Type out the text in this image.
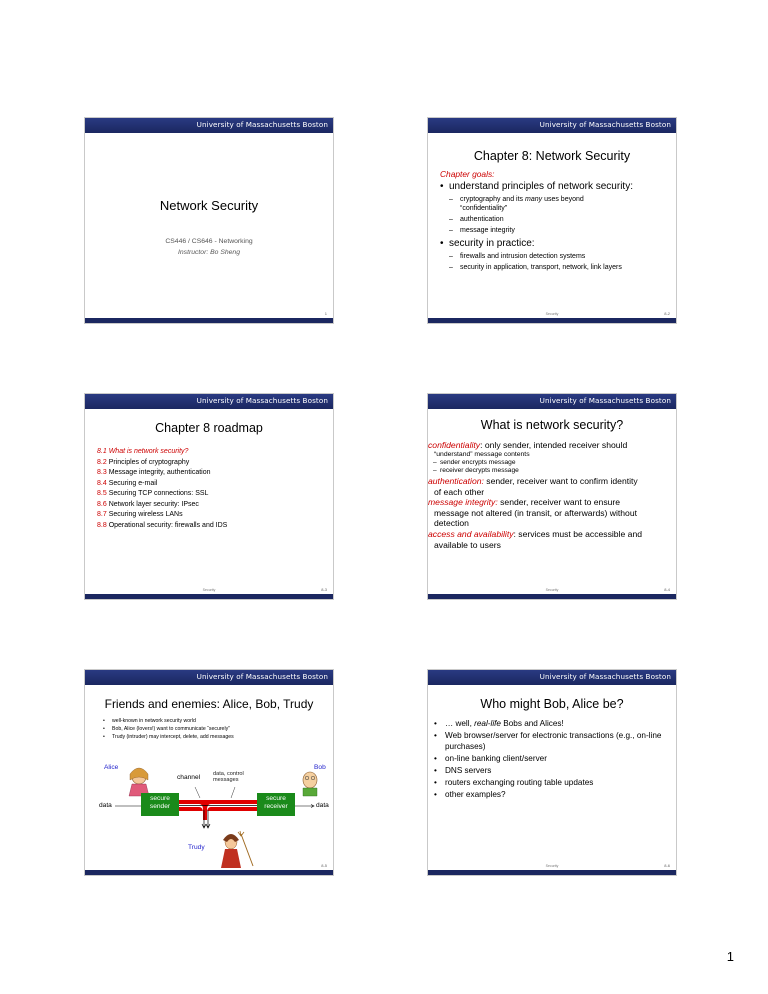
University of Massachusetts Boston
Network Security
CS446 / CS646 - Networking
Instructor: Bo Sheng
1
University of Massachusetts Boston
Chapter 8: Network Security
Chapter goals:
• understand principles of network security:
– cryptography and its many uses beyond
“confidentiality”
– authentication
– message integrity
• security in practice:
– firewalls and intrusion detection systems
– security in application, transport, network, link layers
Security	8-2
University of Massachusetts Boston
Chapter 8 roadmap
8.1 What is network security?
8.2 Principles of cryptography
8.3 Message integrity, authentication
8.4 Securing e-mail
8.5 Securing TCP connections: SSL
8.6 Network layer security: IPsec
8.7 Securing wireless LANs
8.8 Operational security: firewalls and IDS
Security	8-3
University of Massachusetts Boston
What is network security?

confidentiality: only sender, intended receiver should

“understand” message contents

– sender encrypts message

– receiver decrypts message

authentication: sender, receiver want to confirm identity

of each other

message integrity: sender, receiver want to ensure

message not altered (in transit, or afterwards) without

detection

access and availability: services must be accessible and

available to users

Security	8-4
University of Massachusetts Boston
Friends and enemies: Alice, Bob, Trudy

• well-known in network security world

• Bob, Alice (lovers!) want to communicate “securely”

• Trudy (intruder) may intercept, delete, add messages

Alice	Bob
channel data, control
messages
data	data
secure
sender
secure
receiver
Trudy
8-5
University of Massachusetts Boston
Who might Bob, Alice be?
• … well, real-life Bobs and Alices!
• Web browser/server for electronic transactions (e.g., on-line purchases)
• on-line banking client/server
• DNS servers
• routers exchanging routing table updates
• other examples?
Security	8-6
1
